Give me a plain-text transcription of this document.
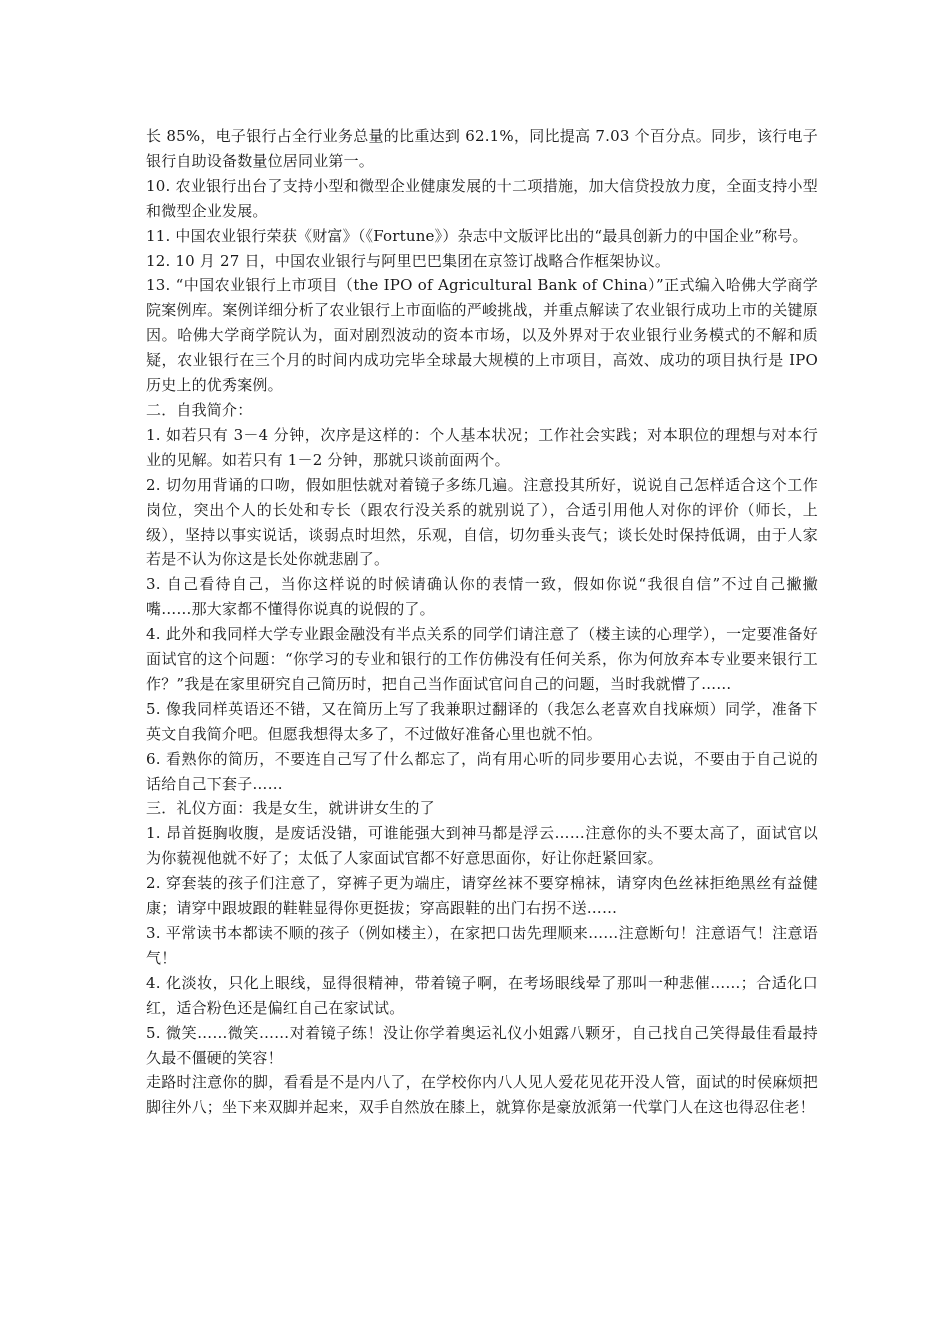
长 85%，电子银行占全行业务总量的比重达到 62.1%，同比提高 7.03 个百分点。同步，该行电子银行自助设备数量位居同业第一。

10. 农业银行出台了支持小型和微型企业健康发展的十二项措施，加大信贷投放力度，全面支持小型和微型企业发展。

11. 中国农业银行荣获《财富》（《Fortune》）杂志中文版评比出的“最具创新力的中国企业”称号。

12. 10 月 27 日，中国农业银行与阿里巴巴集团在京签订战略合作框架协议。

13. “中国农业银行上市项目（the IPO of Agricultural Bank of China）”正式编入哈佛大学商学院案例库。案例详细分析了农业银行上市面临的严峻挑战，并重点解读了农业银行成功上市的关键原因。哈佛大学商学院认为，面对剧烈波动的资本市场，以及外界对于农业银行业务模式的不解和质疑，农业银行在三个月的时间内成功完毕全球最大规模的上市项目，高效、成功的项目执行是 IPO 历史上的优秀案例。

二．自我简介：

1. 如若只有 3－4 分钟，次序是这样的：个人基本状况；工作社会实践；对本职位的理想与对本行业的见解。如若只有 1－2 分钟，那就只谈前面两个。

2. 切勿用背诵的口吻，假如胆怯就对着镜子多练几遍。注意投其所好，说说自己怎样适合这个工作岗位，突出个人的长处和专长（跟农行没关系的就别说了），合适引用他人对你的评价（师长，上级），坚持以事实说话，谈弱点时坦然，乐观，自信，切勿垂头丧气；谈长处时保持低调，由于人家若是不认为你这是长处你就悲剧了。

3. 自己看待自己，当你这样说的时候请确认你的表情一致，假如你说“我很自信”不过自己撇撇嘴……那大家都不懂得你说真的说假的了。

4. 此外和我同样大学专业跟金融没有半点关系的同学们请注意了（楼主读的心理学），一定要准备好面试官的这个问题：“你学习的专业和银行的工作仿佛没有任何关系，你为何放弃本专业要来银行工作？”我是在家里研究自己简历时，把自己当作面试官问自己的问题，当时我就懵了……

5. 像我同样英语还不错，又在简历上写了我兼职过翻译的（我怎么老喜欢自找麻烦）同学，准备下英文自我简介吧。但愿我想得太多了，不过做好准备心里也就不怕。

6. 看熟你的简历，不要连自己写了什么都忘了，尚有用心听的同步要用心去说，不要由于自己说的话给自己下套子……

三．礼仪方面：我是女生，就讲讲女生的了

1. 昂首挺胸收腹，是废话没错，可谁能强大到神马都是浮云……注意你的头不要太高了，面试官以为你藐视他就不好了；太低了人家面试官都不好意思面你，好让你赶紧回家。

2. 穿套装的孩子们注意了，穿裤子更为端庄，请穿丝袜不要穿棉袜，请穿肉色丝袜拒绝黑丝有益健康；请穿中跟坡跟的鞋鞋显得你更挺拔；穿高跟鞋的出门右拐不送……

3. 平常读书本都读不顺的孩子（例如楼主），在家把口齿先理顺来……注意断句！注意语气！注意语气！

4. 化淡妆，只化上眼线，显得很精神，带着镜子啊，在考场眼线晕了那叫一种悲催……；合适化口红，适合粉色还是偏红自己在家试试。

5. 微笑……微笑……对着镜子练！没让你学着奥运礼仪小姐露八颗牙，自己找自己笑得最佳看最持久最不僵硬的笑容！

走路时注意你的脚，看看是不是内八了，在学校你内八人见人爱花见花开没人管，面试的时侯麻烦把脚往外八；坐下来双脚并起来，双手自然放在膝上，就算你是豪放派第一代掌门人在这也得忍住老！
